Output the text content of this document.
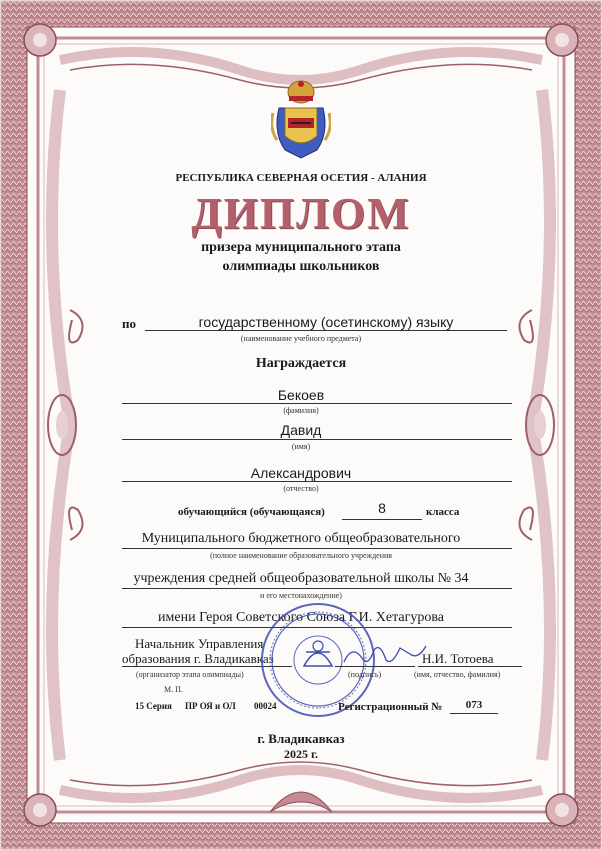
РЕСПУБЛИКА СЕВЕРНАЯ ОСЕТИЯ - АЛАНИЯ
ДИПЛОМ
призера муниципального этапа
олимпиады школьников
по	государственному (осетинскому) языку
(наименование учебного предмета)
Награждается
Бекоев
(фамилия)
Давид
(имя)
Александрович
(отчество)
обучающийся (обучающаяся)	8	класса
Муниципального бюджетного общеобразовательного
(полное наименование образовательного учреждения
учреждения средней общеобразовательной школы № 34
и его местонахождение)
имени Героя Советского Союза Г.И. Хетагурова
Начальник Управления
образования г. Владикавказ
(организатор этапа олимпиады)	(подпись)
Н.И. Тотоева
(имя, отчество, фамилия)
М. П.
15 Серия ПР ОЯ и ОЛ 00024	Регистрационный №	073
г. Владикавказ
2025 г.
